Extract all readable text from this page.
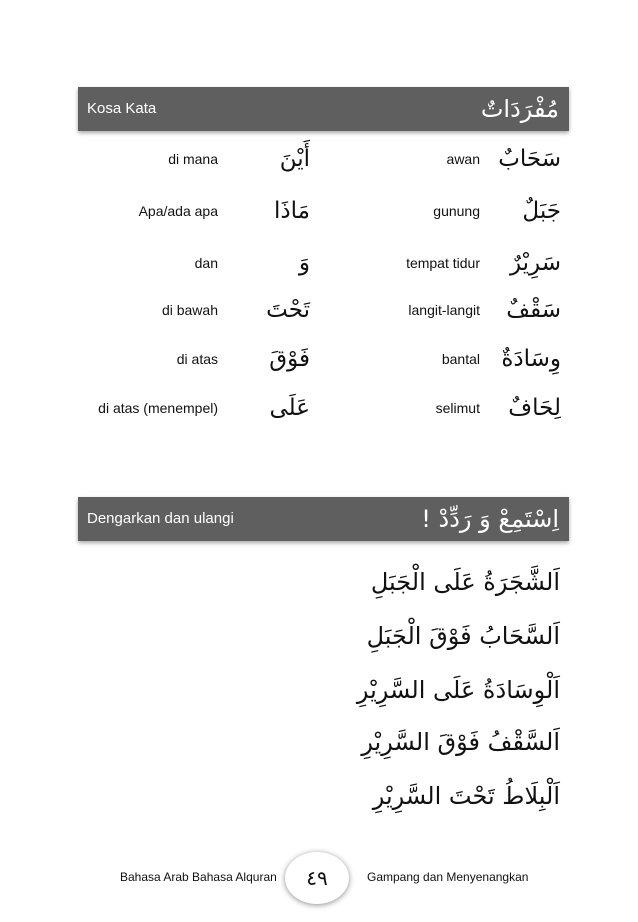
Kosa Kata	مُفْرَدَاتٌ
di mana	أَيْنَ	awan سَحَابٌ
Apa/ada apa	مَاذَا	gunung	جَبَلٌ
dan	وَ	tempat tidur	سَرِيْرٌ
di bawah	تَحْتَ	langit-langit	سَقْفٌ
di atas	فَوْقَ	bantal وِسَادَةٌ
di atas (menempel)	عَلَى	selimut	لِحَافٌ
Dengarkan dan ulangi	اِسْتَمِعْ وَ رَدِّدْ !
اَلشَّجَرَةُ عَلَى الْجَبَلِ
اَلسَّحَابُ فَوْقَ الْجَبَلِ
اَلْوِسَادَةُ عَلَى السَّرِيْرِ
اَلسَّقْفُ فَوْقَ السَّرِيْرِ
اَلْبِلَاطُ تَحْتَ السَّرِيْرِ
Bahasa Arab Bahasa Alquran	٤٩	Gampang dan Menyenangkan
